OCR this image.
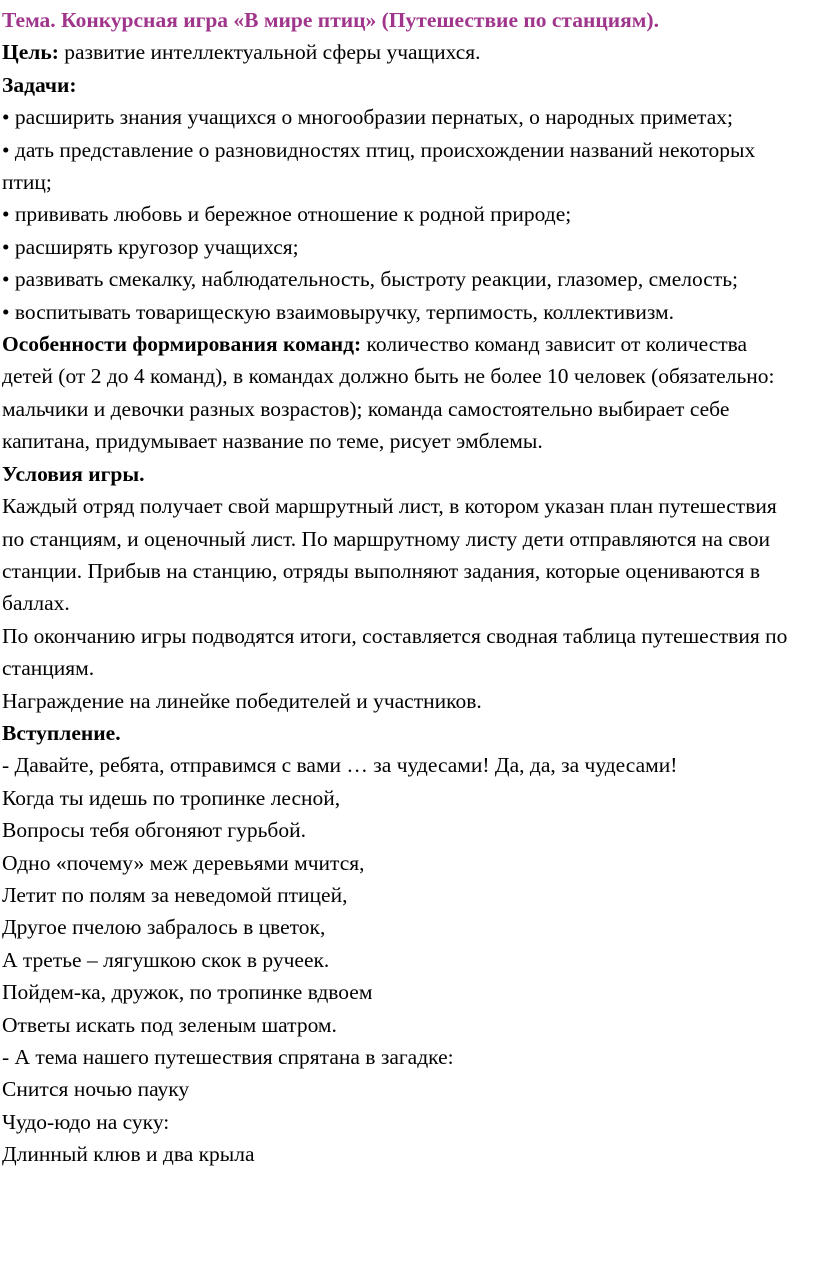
Тема. Конкурсная игра «В мире птиц» (Путешествие по станциям).
Цель: развитие интеллектуальной сферы учащихся.
Задачи:
• расширить знания учащихся о многообразии пернатых, о народных приметах;
• дать представление о разновидностях птиц, происхождении названий некоторых птиц;
• прививать любовь и бережное отношение к родной природе;
• расширять кругозор учащихся;
• развивать смекалку, наблюдательность, быстроту реакции, глазомер, смелость;
• воспитывать товарищескую взаимовыручку, терпимость, коллективизм.
Особенности формирования команд: количество команд зависит от количества детей (от 2 до 4 команд), в командах должно быть не более 10 человек (обязательно: мальчики и девочки разных возрастов); команда самостоятельно выбирает себе капитана, придумывает название по теме, рисует эмблемы.
Условия игры.
Каждый отряд получает свой маршрутный лист, в котором указан план путешествия по станциям, и оценочный лист. По маршрутному листу дети отправляются на свои станции. Прибыв на станцию, отряды выполняют задания, которые оцениваются в баллах.
По окончанию игры подводятся итоги, составляется сводная таблица путешествия по станциям.
Награждение на линейке победителей и участников.
Вступление.
- Давайте, ребята, отправимся с вами … за чудесами! Да, да, за чудесами!
Когда ты идешь по тропинке лесной,
Вопросы тебя обгоняют гурьбой.
Одно «почему» меж деревьями мчится,
Летит по полям за неведомой птицей,
Другое пчелою забралось в цветок,
А третье – лягушкою скок в ручеек.
Пойдем-ка, дружок, по тропинке вдвоем
Ответы искать под зеленым шатром.
- А тема нашего путешествия спрятана в загадке:
Снится ночью пауку
Чудо-юдо на суку:
Длинный клюв и два крыла
